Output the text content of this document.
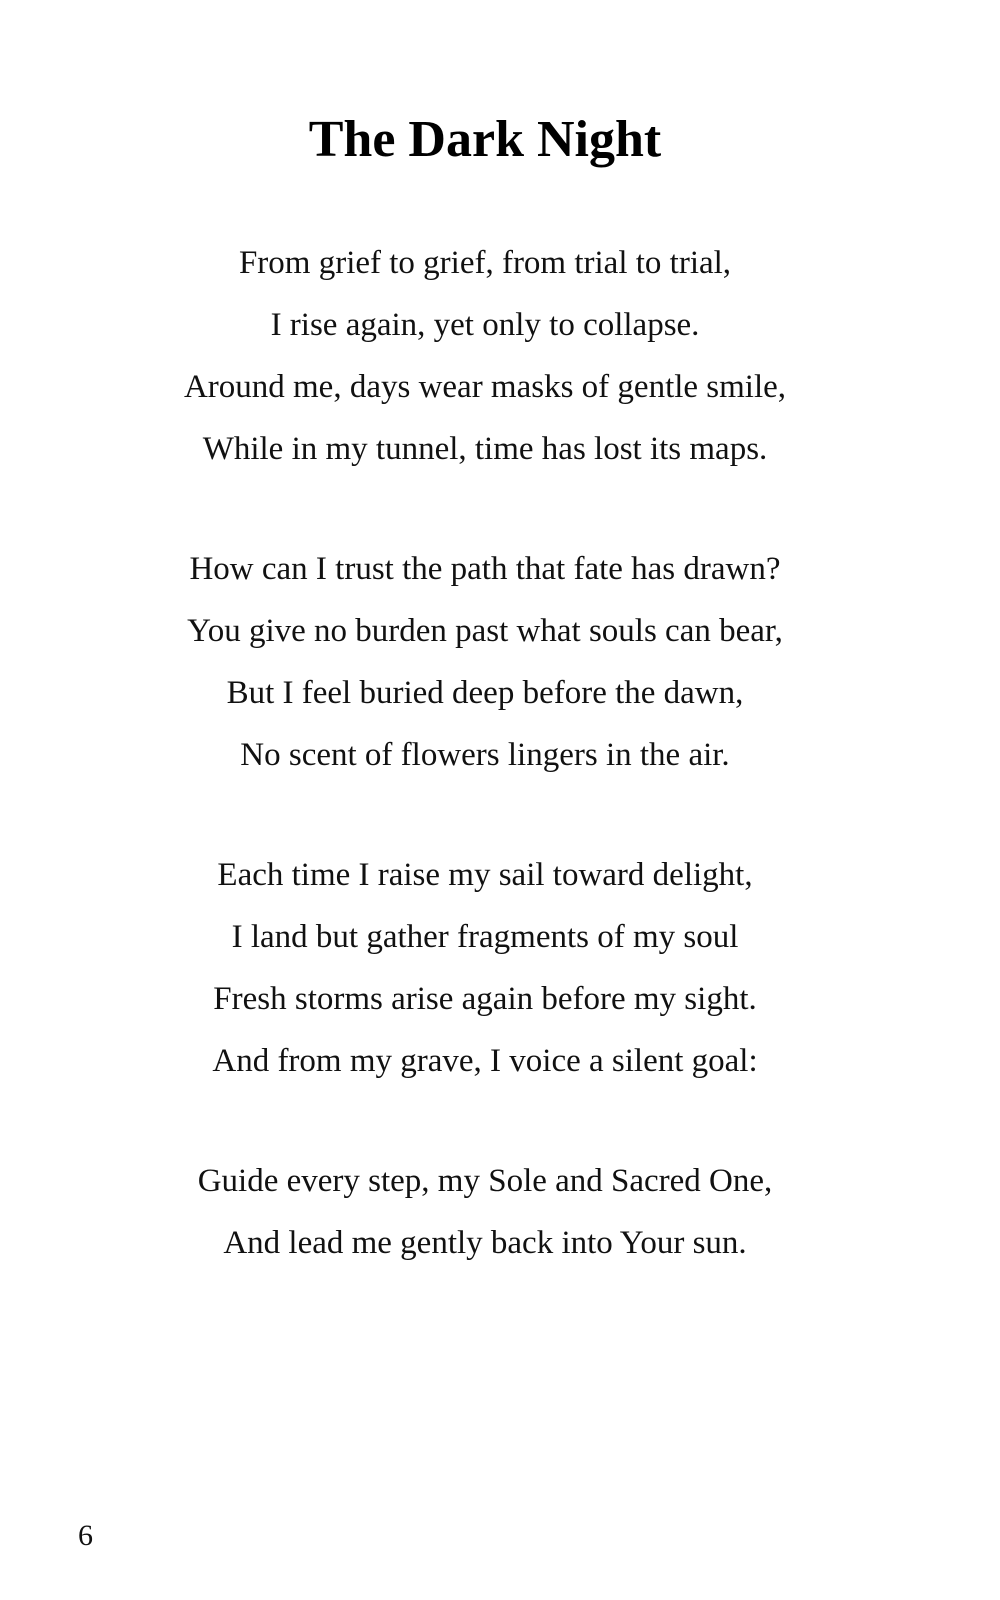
The Dark Night
From grief to grief, from trial to trial,
I rise again, yet only to collapse.
Around me, days wear masks of gentle smile,
While in my tunnel, time has lost its maps.
How can I trust the path that fate has drawn?
You give no burden past what souls can bear,
But I feel buried deep before the dawn,
No scent of flowers lingers in the air.
Each time I raise my sail toward delight,
I land but gather fragments of my soul
Fresh storms arise again before my sight.
And from my grave, I voice a silent goal:
Guide every step, my Sole and Sacred One,
And lead me gently back into Your sun.
6
